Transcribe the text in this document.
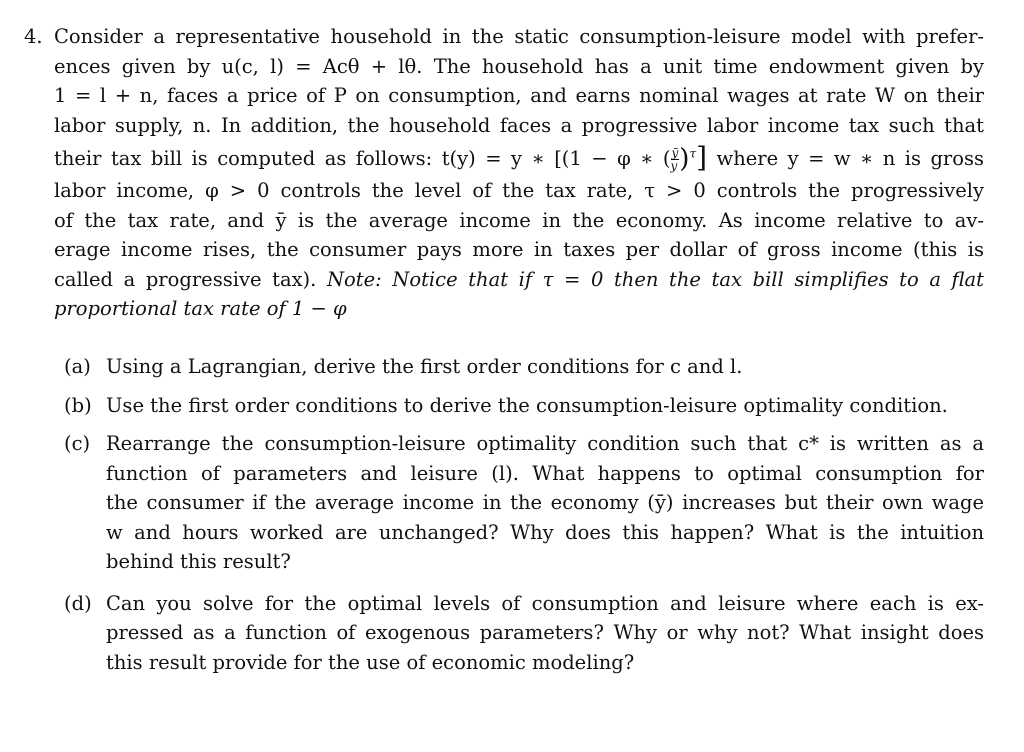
4. Consider a representative household in the static consumption-leisure model with prefer-
ences given by u(c, l) = Acθ + lθ. The household has a unit time endowment given by
1 = l + n, faces a price of P on consumption, and earns nominal wages at rate W on their
labor supply, n. In addition, the household faces a progressive labor income tax such that
their tax bill is computed as follows: t(y) = y ∗ [(1 − φ ∗ ( $\frac{ȳ}{y} )^\tau$] where y = w ∗ n is gross
labor income, φ > 0 controls the level of the tax rate, τ > 0 controls the progressively
of the tax rate, and ȳ is the average income in the economy. As income relative to av-
erage income rises, the consumer pays more in taxes per dollar of gross income (this is
called a progressive tax). Note: Notice that if τ = 0 then the tax bill simplifies to a flat
proportional tax rate of 1 − φ
(a) Using a Lagrangian, derive the first order conditions for c and l.
(b) Use the first order conditions to derive the consumption-leisure optimality condition.
(c) Rearrange the consumption-leisure optimality condition such that c* is written as a
function of parameters and leisure (l). What happens to optimal consumption for
the consumer if the average income in the economy (ȳ) increases but their own wage
w and hours worked are unchanged? Why does this happen? What is the intuition
behind this result?
(d) Can you solve for the optimal levels of consumption and leisure where each is ex-
pressed as a function of exogenous parameters? Why or why not? What insight does
this result provide for the use of economic modeling?
